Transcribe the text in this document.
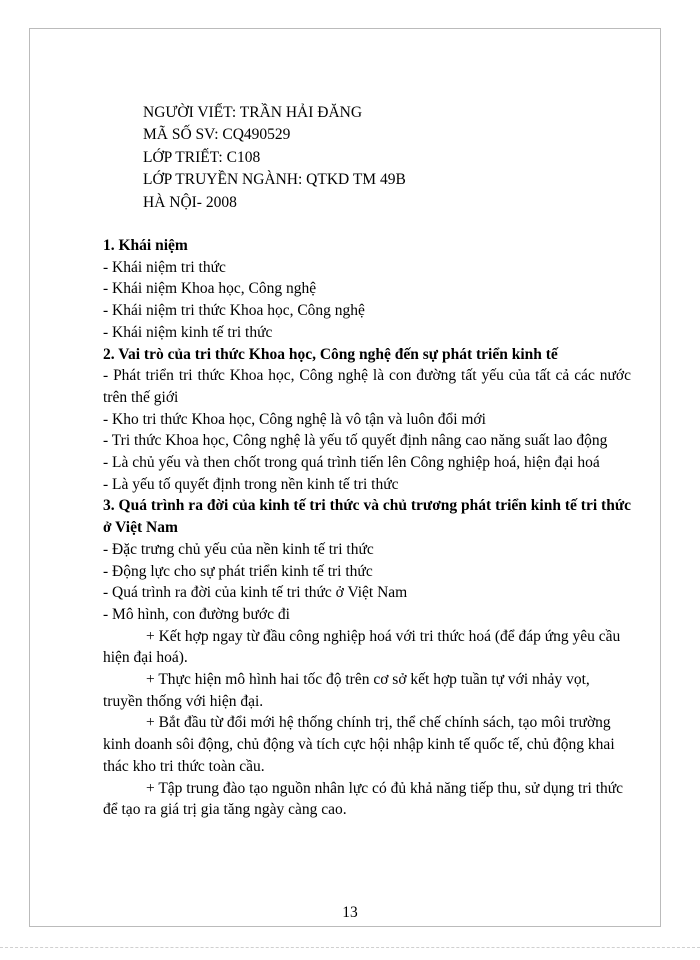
NGƯỜI VIẾT: TRẦN HẢI ĐĂNG
MÃ SỐ SV: CQ490529
LỚP TRIẾT: C108
LỚP TRUYỀN NGÀNH: QTKD TM 49B
HÀ NỘI- 2008

1. Khái niệm

- Khái niệm tri thức

- Khái niệm Khoa học, Công nghệ

- Khái niệm tri thức Khoa học, Công nghệ

- Khái niệm kinh tế tri thức

2. Vai trò của tri thức Khoa học, Công nghệ đến sự phát triển kinh tế

- Phát triển tri thức Khoa học, Công nghệ là con đường tất yếu của tất cả các nước trên thế giới

- Kho tri thức Khoa học, Công nghệ là vô tận và luôn đổi mới

- Tri thức Khoa học, Công nghệ là yếu tố quyết định nâng cao năng suất lao động

- Là chủ yếu và then chốt trong quá trình tiến lên Công nghiệp hoá, hiện đại hoá

- Là yếu tố quyết định trong nền kinh tế tri thức

3. Quá trình ra đời của kinh tế tri thức và chủ trương phát triển kinh tế tri thức ở Việt Nam

- Đặc trưng chủ yếu của nền kinh tế tri thức

- Động lực cho sự phát triển kinh tế tri thức

- Quá trình ra đời của kinh tế tri thức ở Việt Nam

- Mô hình, con đường bước đi

+ Kết hợp ngay từ đầu công nghiệp hoá với tri thức hoá (để đáp ứng yêu cầu hiện đại hoá).

+ Thực hiện mô hình hai tốc độ trên cơ sở kết hợp tuần tự với nhảy vọt, truyền thống với hiện đại.

+ Bắt đầu từ đổi mới hệ thống chính trị, thể chế chính sách, tạo môi trường

kinh doanh sôi động, chủ động và tích cực hội nhập kinh tế quốc tế, chủ động khai thác kho tri thức toàn cầu.

+ Tập trung đào tạo nguồn nhân lực có đủ khả năng tiếp thu, sử dụng tri thức để tạo ra giá trị gia tăng ngày càng cao.

13
